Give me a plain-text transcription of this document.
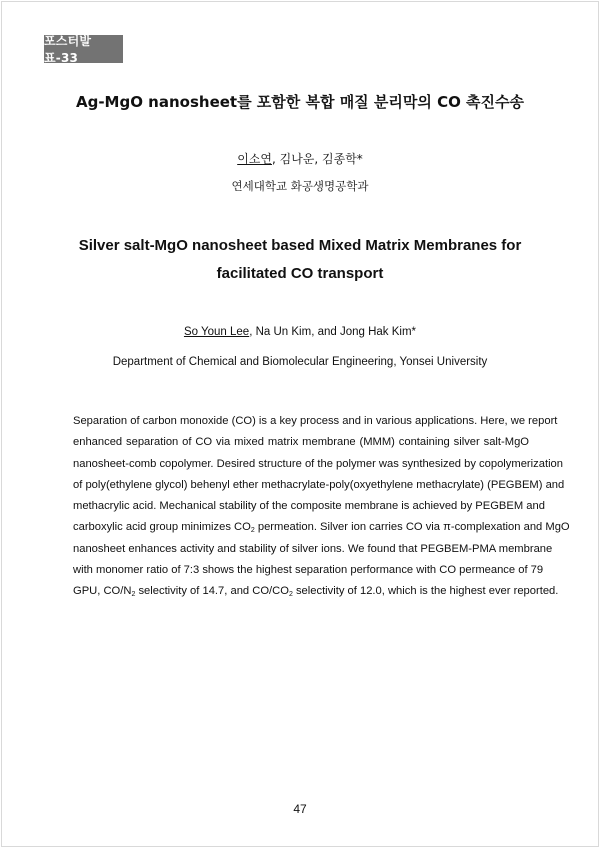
포스터발표-33
Ag-MgO nanosheet를 포함한 복합 매질 분리막의 CO 촉진수송
이소연, 김나운, 김종학*
연세대학교 화공생명공학과
Silver salt-MgO nanosheet based Mixed Matrix Membranes for
facilitated CO transport
So Youn Lee, Na Un Kim, and Jong Hak Kim*
Department of Chemical and Biomolecular Engineering, Yonsei University
Separation of carbon monoxide (CO) is a key process and in various applications. Here, we report
enhanced separation of CO via mixed matrix membrane (MMM) containing silver salt-MgO
nanosheet-comb copolymer. Desired structure of the polymer was synthesized by copolymerization
of poly(ethylene glycol) behenyl ether methacrylate-poly(oxyethylene methacrylate) (PEGBEM) and
methacrylic acid. Mechanical stability of the composite membrane is achieved by PEGBEM and
carboxylic acid group minimizes $CO_2$ permeation. Silver ion carries CO via π-complexation and MgO
nanosheet enhances activity and stability of silver ions. We found that PEGBEM-PMA membrane
with monomer ratio of 7:3 shows the highest separation performance with CO permeance of 79
GPU, $CO/N_2$ selectivity of 14.7, and $CO/CO_2$ selectivity of 12.0, which is the highest ever reported.
47
